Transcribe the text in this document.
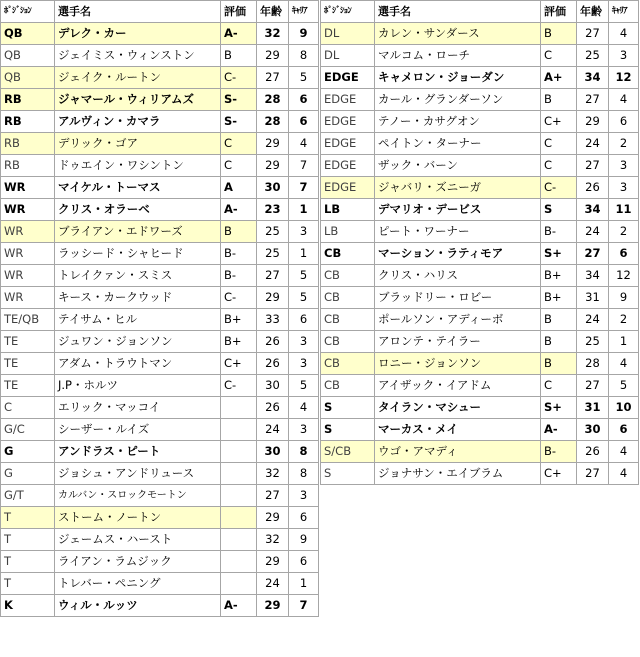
ﾎﾟｼﾞｼｮﾝ	選手名	評価	年齢	ｷｬﾘｱ
QB	デレク・カー	A-	32	9
QB	ジェイミス・ウィンストン	B	29	8
QB	ジェイク・ルートン	C-	27	5
RB	ジャマール・ウィリアムズ	S-	28	6
RB	アルヴィン・カマラ	S-	28	6
RB	デリック・ゴア	C	29	4
RB	ドゥエイン・ワシントン	C	29	7
WR	マイケル・トーマス	A	30	7
WR	クリス・オラーベ	A-	23	1
WR	ブライアン・エドワーズ	B	25	3
WR	ラッシード・シャヒード	B-	25	1
WR	トレイクァン・スミス	B-	27	5
WR	キース・カークウッド	C-	29	5
TE/QB	テイサム・ヒル	B+	33	6
TE	ジュワン・ジョンソン	B+	26	3
TE	アダム・トラウトマン	C+	26	3
TE	J.P・ホルツ	C-	30	5
C	エリック・マッコイ		26	4
G/C	シーザー・ルイズ		24	3
G	アンドラス・ピート		30	8
G	ジョシュ・アンドリュース		32	8
G/T	カルバン・スロックモートン		27	3
T	ストーム・ノートン		29	6
T	ジェームス・ハースト		32	9
T	ライアン・ラムジック		29	6
T	トレバー・ペニング		24	1
K	ウィル・ルッツ	A-	29	7
ﾎﾟｼﾞｼｮﾝ	選手名	評価	年齢	ｷｬﾘｱ
DL	カレン・サンダース	B	27	4
DL	マルコム・ローチ	C	25	3
EDGE	キャメロン・ジョーダン	A+	34	12
EDGE	カール・グランダーソン	B	27	4
EDGE	テノー・カサグオン	C+	29	6
EDGE	ペイトン・ターナー	C	24	2
EDGE	ザック・バーン	C	27	3
EDGE	ジャバリ・ズニーガ	C-	26	3
LB	デマリオ・デービス	S	34	11
LB	ピート・ワーナー	B-	24	2
CB	マーション・ラティモア	S+	27	6
CB	クリス・ハリス	B+	34	12
CB	ブラッドリー・ロビー	B+	31	9
CB	ポールソン・アディーボ	B	24	2
CB	アロンテ・テイラー	B	25	1
CB	ロニー・ジョンソン	B	28	4
CB	アイザック・イアドム	C	27	5
S	タイラン・マシュー	S+	31	10
S	マーカス・メイ	A-	30	6
S/CB	ウゴ・アマディ	B-	26	4
S	ジョナサン・エイブラム	C+	27	4
